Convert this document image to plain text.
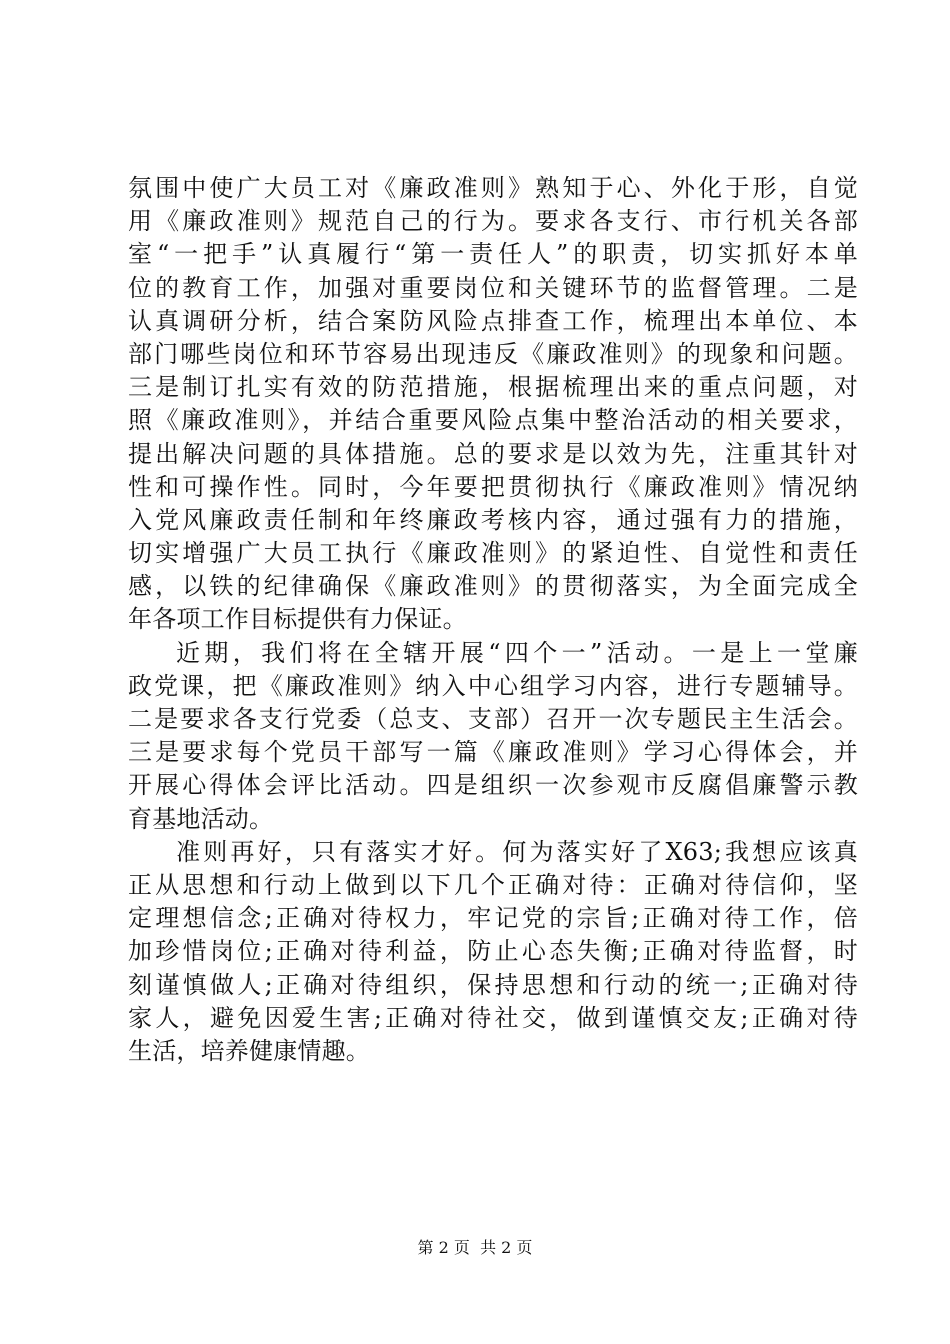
氛围中使广大员工对《廉政准则》熟知于心、外化于形，自觉
用《廉政准则》规范自己的行为。要求各支行、市行机关各部
室“一把手”认真履行“第一责任人”的职责，切实抓好本单
位的教育工作，加强对重要岗位和关键环节的监督管理。二是
认真调研分析，结合案防风险点排查工作，梳理出本单位、本
部门哪些岗位和环节容易出现违反《廉政准则》的现象和问题。
三是制订扎实有效的防范措施，根据梳理出来的重点问题，对
照《廉政准则》，并结合重要风险点集中整治活动的相关要求，
提出解决问题的具体措施。总的要求是以效为先，注重其针对
性和可操作性。同时，今年要把贯彻执行《廉政准则》情况纳
入党风廉政责任制和年终廉政考核内容，通过强有力的措施，
切实增强广大员工执行《廉政准则》的紧迫性、自觉性和责任
感，以铁的纪律确保《廉政准则》的贯彻落实，为全面完成全
年各项工作目标提供有力保证。
近期，我们将在全辖开展“四个一”活动。一是上一堂廉
政党课，把《廉政准则》纳入中心组学习内容，进行专题辅导。
二是要求各支行党委（总支、支部）召开一次专题民主生活会。
三是要求每个党员干部写一篇《廉政准则》学习心得体会，并
开展心得体会评比活动。四是组织一次参观市反腐倡廉警示教
育基地活动。
准则再好，只有落实才好。何为落实好了X63;我想应该真
正从思想和行动上做到以下几个正确对待：正确对待信仰，坚
定理想信念;正确对待权力，牢记党的宗旨;正确对待工作，倍
加珍惜岗位;正确对待利益，防止心态失衡;正确对待监督，时
刻谨慎做人;正确对待组织，保持思想和行动的统一;正确对待
家人，避免因爱生害;正确对待社交，做到谨慎交友;正确对待
生活，培养健康情趣。
第 2 页  共 2 页
